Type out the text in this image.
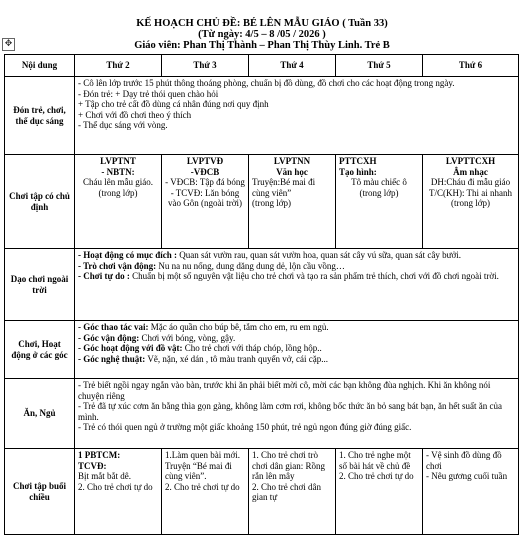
KẾ HOẠCH CHỦ ĐỀ: BÉ LÊN MẪU GIÁO ( Tuần 33)
(Từ ngày: 4/5 – 8 /05 / 2026 )
Giáo viên: Phan Thị Thành – Phan Thị Thùy Linh. Trẻ B
✥
Nội dung	Thứ 2	Thứ 3	Thứ 4	Thứ 5	Thứ 6
Đón trẻ, chơi, thể dục sáng	- Cô lên lớp trước 15 phút thông thoáng phòng, chuẩn bị đồ dùng, đồ chơi cho các hoạt động trong ngày.
- Đón trẻ: + Dạy trẻ thói quen chào hỏi
+ Tập cho trẻ cất đồ dùng cá nhân đúng nơi quy định
+ Chơi với đồ chơi theo ý thích
- Thể dục sáng với vòng.				

Chơi tập có chủ định	LVPTNT
- NBTN:
Cháu lên mẫu giáo. (trong lớp)	LVPTVĐ
-VĐCB
- VĐCB: Tập đá bóng
- TCVĐ: Lăn bóng vào Gôn (ngoài trời)	LVPTNN
Văn học
Truyện:Bé mai đi cùng viên”
(trong lớp)	PTTCXH
Tạo hình:
Tô màu chiếc ô
(trong lớp)	LVPTTCXH
Âm nhạc
DH:Cháu đi mẫu giáo
T/C(KH): Thi ai nhanh (trong lớp)

Dạo chơi ngoài trời	- Hoạt động có mục đích : Quan sát vườn rau, quan sát vườn hoa, quan sát cây vú sữa, quan sát cây bưởi.
- Trò chơi vận động: Nu na nu nống, dung dăng dung dẻ, lộn cầu vồng…
- Chơi tự do : Chuẩn bị một số nguyên vật liệu cho trẻ chơi và tạo ra sản phẩm trẻ thích, chơi với đồ chơi ngoài trời.				

Chơi, Hoạt động ở các góc	- Góc thao tác vai: Mặc áo quần cho búp bê, tắm cho em, ru em ngủ.
- Góc vận động: Chơi với bóng, vòng, gậy.
- Góc hoạt động với đồ vật: Cho trẻ chơi với tháp chóp, lồng hộp..
- Góc nghệ thuật: Vẽ, nặn, xé dán , tô màu tranh quyển vở, cái cặp...				

Ăn, Ngủ	- Trẻ biết ngồi ngay ngắn vào bàn, trước khi ăn phải biết mời cô, mời các bạn không đùa nghịch. Khi ăn không nói chuyện riêng
- Trẻ đã tự xúc cơm ăn bằng thìa gọn gàng, không làm cơm rơi, không bốc thức ăn bỏ sang bát bạn, ăn hết suất ăn của mình.
- Trẻ có thói quen ngủ ở trường một giấc khoảng 150 phút, trẻ ngủ ngon đúng giờ đúng giấc.				

Chơi tập buổi chiều	1 PBTCM:
TCVĐ:
Bịt mắt bắt dê.
2. Cho trẻ chơi tự do	1.Làm quen bài mới.
Truyện “Bé mai đi cùng viên”.
2. Cho trẻ chơi tự do	1. Cho trẻ chơi trò chơi dân gian: Rồng rắn lên mây
2. Cho trẻ chơi dân gian tự	1. Cho trẻ nghe một số bài hát về chủ đề
2. Cho trẻ chơi tự do	- Vệ sinh đồ dùng đồ chơi
- Nêu gương cuối tuần
